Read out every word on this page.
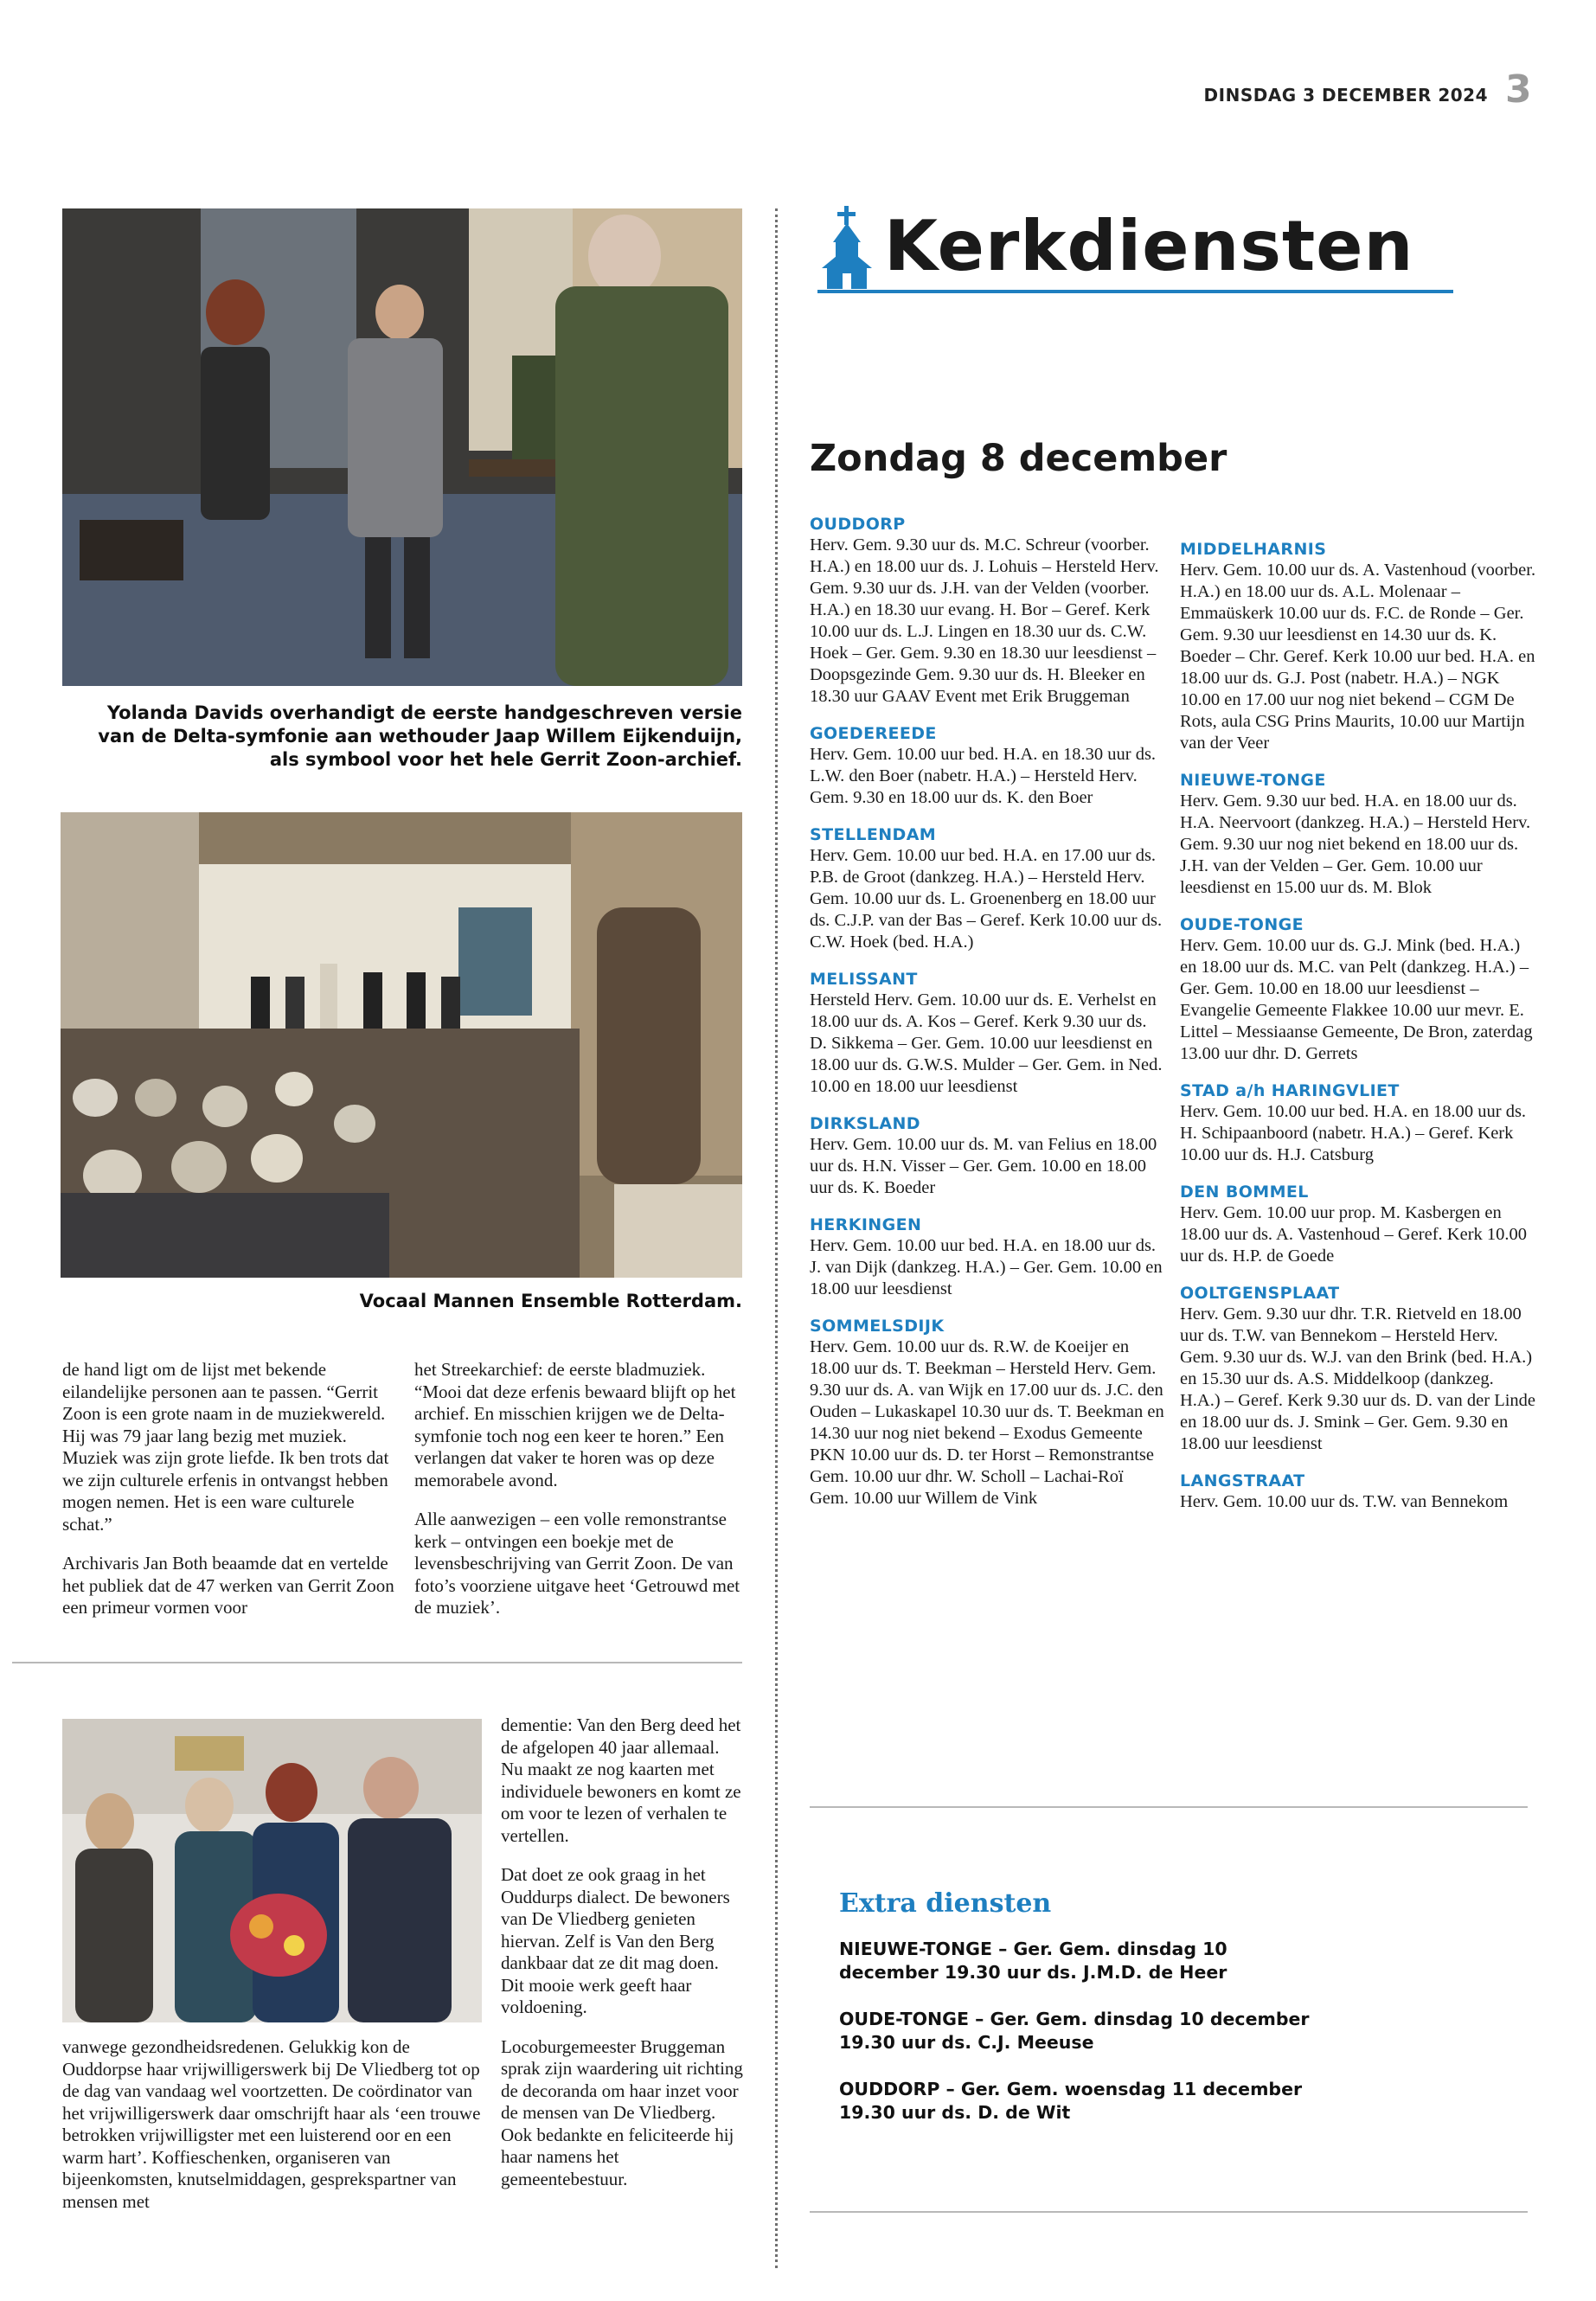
DINSDAG 3 DECEMBER 2024 3
Yolanda Davids overhandigt de eerste handgeschreven versie van de Delta-symfonie aan wethouder Jaap Willem Eijkenduijn, als symbool voor het hele Gerrit Zoon-archief.
Vocaal Mannen Ensemble Rotterdam.

de hand ligt om de lijst met bekende eilandelijke personen aan te passen. “Gerrit Zoon is een grote naam in de muziekwereld. Hij was 79 jaar lang bezig met muziek. Muziek was zijn grote liefde. Ik ben trots dat we zijn culturele erfenis in ontvangst hebben mogen nemen. Het is een ware culturele schat.”

Archivaris Jan Both beaamde dat en vertelde het publiek dat de 47 werken van Gerrit Zoon een primeur vormen voor

het Streekarchief: de eerste bladmuziek. “Mooi dat deze erfenis bewaard blijft op het archief. En misschien krijgen we de Delta-symfonie toch nog een keer te horen.” Een verlangen dat vaker te horen was op deze memorabele avond.

Alle aanwezigen – een volle remonstrantse kerk – ontvingen een boekje met de levensbeschrijving van Gerrit Zoon. De van foto’s voorziene uitgave heet ‘Getrouwd met de muziek’.

dementie: Van den Berg deed het de afgelopen 40 jaar allemaal. Nu maakt ze nog kaarten met individuele bewoners en komt ze om voor te lezen of verhalen te vertellen.

Dat doet ze ook graag in het Ouddurps dialect. De bewoners van De Vliedberg genieten hiervan. Zelf is Van den Berg dankbaar dat ze dit mag doen. Dit mooie werk geeft haar voldoening.

Locoburgemeester Bruggeman sprak zijn waardering uit richting de decoranda om haar inzet voor de mensen van De Vliedberg. Ook bedankte en feliciteerde hij haar namens het gemeentebestuur.

vanwege gezondheidsredenen. Gelukkig kon de Ouddorpse haar vrijwilligerswerk bij De Vliedberg tot op de dag van vandaag wel voortzetten. De coördinator van het vrijwilligerswerk daar omschrijft haar als ‘een trouwe betrokken vrijwilligster met een luisterend oor en een warm hart’. Koffieschenken, organiseren van bijeenkomsten, knutselmiddagen, gesprekspartner van mensen met

Kerkdiensten
Zondag 8 december
OUDDORP
Herv. Gem. 9.30 uur ds. M.C. Schreur (voorber. H.A.) en 18.00 uur ds. J. Lohuis – Hersteld Herv. Gem. 9.30 uur ds. J.H. van der Velden (voorber. H.A.) en 18.30 uur evang. H. Bor – Geref. Kerk 10.00 uur ds. L.J. Lingen en 18.30 uur ds. C.W. Hoek – Ger. Gem. 9.30 en 18.30 uur leesdienst – Doopsgezinde Gem. 9.30 uur ds. H. Bleeker en 18.30 uur GAAV Event met Erik Bruggeman
GOEDEREEDE
Herv. Gem. 10.00 uur bed. H.A. en 18.30 uur ds. L.W. den Boer (nabetr. H.A.) – Hersteld Herv. Gem. 9.30 en 18.00 uur ds. K. den Boer
STELLENDAM
Herv. Gem. 10.00 uur bed. H.A. en 17.00 uur ds. P.B. de Groot (dankzeg. H.A.) – Hersteld Herv. Gem. 10.00 uur ds. L. Groenenberg en 18.00 uur ds. C.J.P. van der Bas – Geref. Kerk 10.00 uur ds. C.W. Hoek (bed. H.A.)
MELISSANT
Hersteld Herv. Gem. 10.00 uur ds. E. Verhelst en 18.00 uur ds. A. Kos – Geref. Kerk 9.30 uur ds. D. Sikkema – Ger. Gem. 10.00 uur leesdienst en 18.00 uur ds. G.W.S. Mulder – Ger. Gem. in Ned. 10.00 en 18.00 uur leesdienst
DIRKSLAND
Herv. Gem. 10.00 uur ds. M. van Felius en 18.00 uur ds. H.N. Visser – Ger. Gem. 10.00 en 18.00 uur ds. K. Boeder
HERKINGEN
Herv. Gem. 10.00 uur bed. H.A. en 18.00 uur ds. J. van Dijk (dankzeg. H.A.) – Ger. Gem. 10.00 en 18.00 uur leesdienst
SOMMELSDIJK
Herv. Gem. 10.00 uur ds. R.W. de Koeijer en 18.00 uur ds. T. Beekman – Hersteld Herv. Gem. 9.30 uur ds. A. van Wijk en 17.00 uur ds. J.C. den Ouden – Lukaskapel 10.30 uur ds. T. Beekman en 14.30 uur nog niet bekend – Exodus Gemeente PKN 10.00 uur ds. D. ter Horst – Remonstrantse Gem. 10.00 uur dhr. W. Scholl – Lachai-Roï Gem. 10.00 uur Willem de Vink
MIDDELHARNIS
Herv. Gem. 10.00 uur ds. A. Vastenhoud (voorber. H.A.) en 18.00 uur ds. A.L. Molenaar – Emmaüskerk 10.00 uur ds. F.C. de Ronde – Ger. Gem. 9.30 uur leesdienst en 14.30 uur ds. K. Boeder – Chr. Geref. Kerk 10.00 uur bed. H.A. en 18.00 uur ds. G.J. Post (nabetr. H.A.) – NGK 10.00 en 17.00 uur nog niet bekend – CGM De Rots, aula CSG Prins Maurits, 10.00 uur Martijn van der Veer
NIEUWE-TONGE
Herv. Gem. 9.30 uur bed. H.A. en 18.00 uur ds. H.A. Neervoort (dankzeg. H.A.) – Hersteld Herv. Gem. 9.30 uur nog niet bekend en 18.00 uur ds. J.H. van der Velden – Ger. Gem. 10.00 uur leesdienst en 15.00 uur ds. M. Blok
OUDE-TONGE
Herv. Gem. 10.00 uur ds. G.J. Mink (bed. H.A.) en 18.00 uur ds. M.C. van Pelt (dankzeg. H.A.) – Ger. Gem. 10.00 en 18.00 uur leesdienst – Evangelie Gemeente Flakkee 10.00 uur mevr. E. Littel – Messiaanse Gemeente, De Bron, zaterdag 13.00 uur dhr. D. Gerrets
STAD a/h HARINGVLIET
Herv. Gem. 10.00 uur bed. H.A. en 18.00 uur ds. H. Schipaanboord (nabetr. H.A.) – Geref. Kerk 10.00 uur ds. H.J. Catsburg
DEN BOMMEL
Herv. Gem. 10.00 uur prop. M. Kasbergen en 18.00 uur ds. A. Vastenhoud – Geref. Kerk 10.00 uur ds. H.P. de Goede
OOLTGENSPLAAT
Herv. Gem. 9.30 uur dhr. T.R. Rietveld en 18.00 uur ds. T.W. van Bennekom – Hersteld Herv. Gem. 9.30 uur ds. W.J. van den Brink (bed. H.A.) en 15.30 uur ds. A.S. Middelkoop (dankzeg. H.A.) – Geref. Kerk 9.30 uur ds. D. van der Linde en 18.00 uur ds. J. Smink – Ger. Gem. 9.30 en 18.00 uur leesdienst
LANGSTRAAT
Herv. Gem. 10.00 uur ds. T.W. van Bennekom
Extra diensten
NIEUWE-TONGE – Ger. Gem. dinsdag 10 december 19.30 uur ds. J.M.D. de Heer
OUDE-TONGE – Ger. Gem. dinsdag 10 december 19.30 uur ds. C.J. Meeuse
OUDDORP – Ger. Gem. woensdag 11 december 19.30 uur ds. D. de Wit
